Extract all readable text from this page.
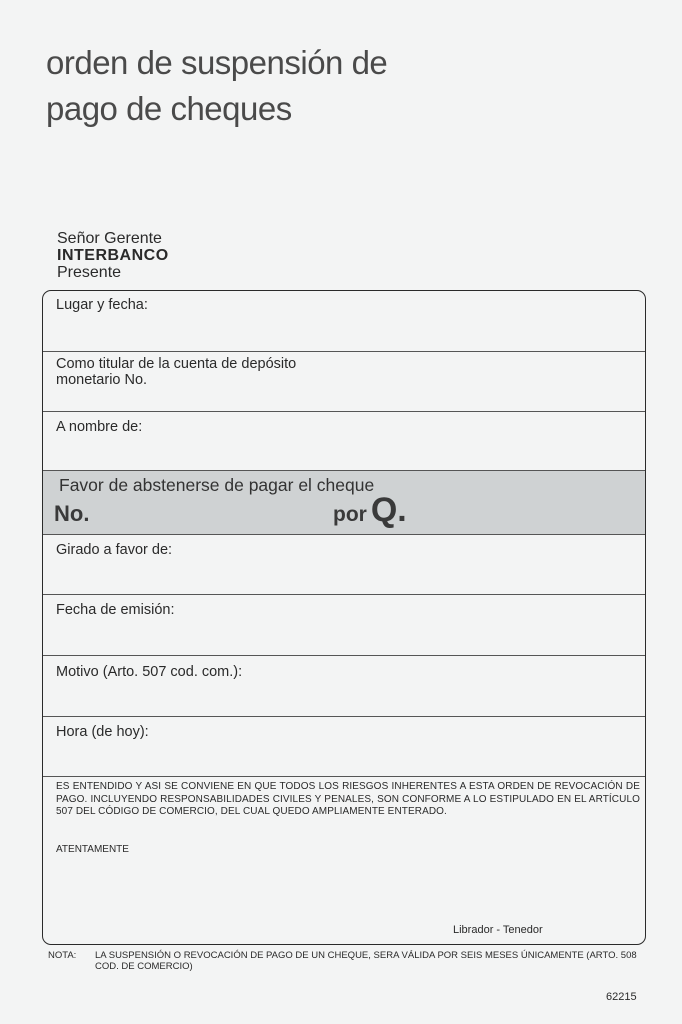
orden de suspensión de
pago de cheques
Señor Gerente
INTERBANCO
Presente
Lugar y fecha:
Como titular de la cuenta de depósito
monetario No.
A nombre de:
Favor de abstenerse de pagar el cheque
No.	por Q.
Girado a favor de:
Fecha de emisión:
Motivo (Arto. 507 cod. com.):
Hora (de hoy):
ES ENTENDIDO Y ASI SE CONVIENE EN QUE TODOS LOS RIESGOS INHERENTES A ESTA ORDEN DE REVOCACIÓN DE PAGO. INCLUYENDO RESPONSABILIDADES CIVILES Y PENALES, SON CONFORME A LO ESTIPULADO EN EL ARTÍCULO 507 DEL CÓDIGO DE COMERCIO, DEL CUAL QUEDO AMPLIAMENTE ENTERADO.
ATENTAMENTE
Librador - Tenedor
NOTA: LA SUSPENSIÓN O REVOCACIÓN DE PAGO DE UN CHEQUE, SERA VÁLIDA POR SEIS MESES ÚNICAMENTE (ARTO. 508 COD. DE COMERCIO)
62215
